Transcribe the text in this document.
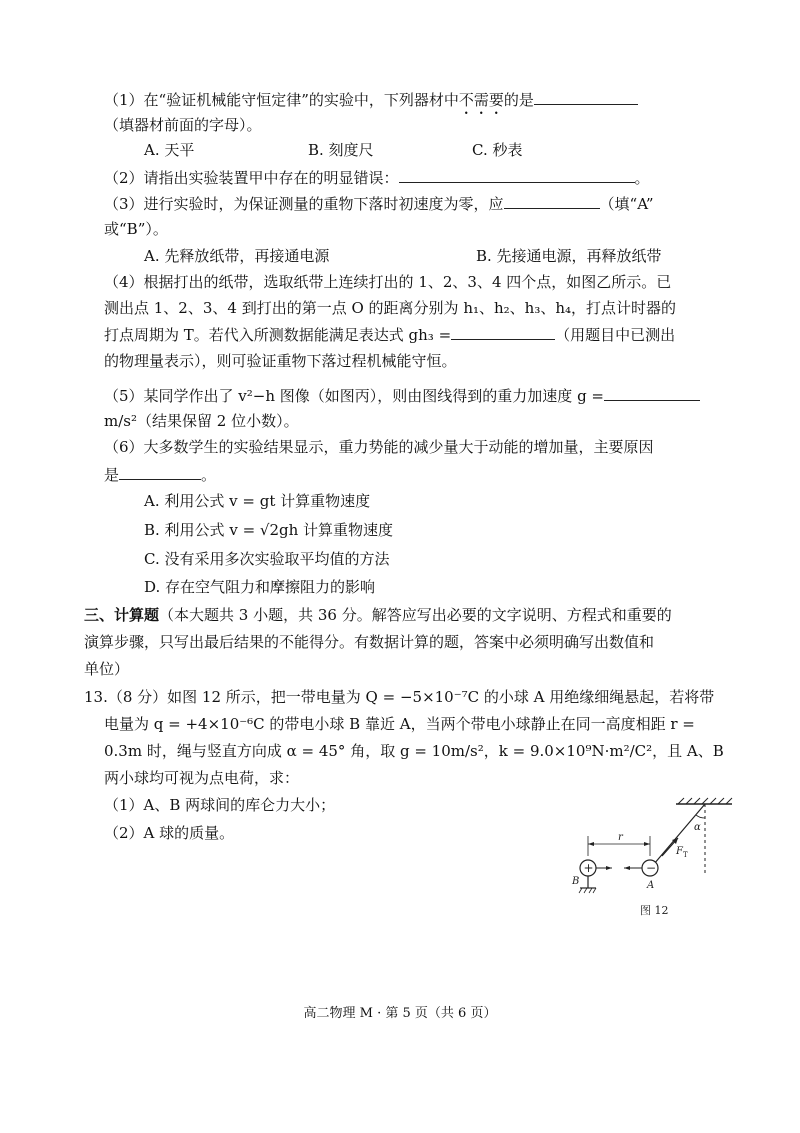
（1）在“验证机械能守恒定律”的实验中，下列器材中不需要的是
（填器材前面的字母）。
A. 天平	B. 刻度尺	C. 秒表
（2）请指出实验装置甲中存在的明显错误：	。
（3）进行实验时，为保证测量的重物下落时初速度为零，应	（填“A”
或“B”）。
A. 先释放纸带，再接通电源	B. 先接通电源，再释放纸带
（4）根据打出的纸带，选取纸带上连续打出的 1、2、3、4 四个点，如图乙所示。已
测出点 1、2、3、4 到打出的第一点 O 的距离分别为 h₁、h₂、h₃、h₄，打点计时器的
打点周期为 T。若代入所测数据能满足表达式 gh₃ =	（用题目中已测出
的物理量表示），则可验证重物下落过程机械能守恒。
（5）某同学作出了 v²−h 图像（如图丙），则由图线得到的重力加速度 g =
m/s²（结果保留 2 位小数）。
（6）大多数学生的实验结果显示，重力势能的减少量大于动能的增加量，主要原因
是	。
A. 利用公式 v = gt 计算重物速度
B. 利用公式 v = √2gh 计算重物速度
C. 没有采用多次实验取平均值的方法
D. 存在空气阻力和摩擦阻力的影响
三、计算题（本大题共 3 小题，共 36 分。解答应写出必要的文字说明、方程式和重要的
演算步骤，只写出最后结果的不能得分。有数据计算的题，答案中必须明确写出数值和
单位）
13.（8 分）如图 12 所示，把一带电量为 Q = −5×10⁻⁷C 的小球 A 用绝缘细绳悬起，若将带
电量为 q = +4×10⁻⁶C 的带电小球 B 靠近 A，当两个带电小球静止在同一高度相距 r =
0.3m 时，绳与竖直方向成 α = 45° 角，取 g = 10m/s²，k = 9.0×10⁹N·m²/C²，且 A、B
两小球均可视为点电荷，求：
（1）A、B 两球间的库仑力大小；
（2）A 球的质量。	α
F T
r
+
B
−
A
图 12
高二物理 M · 第 5 页（共 6 页）
